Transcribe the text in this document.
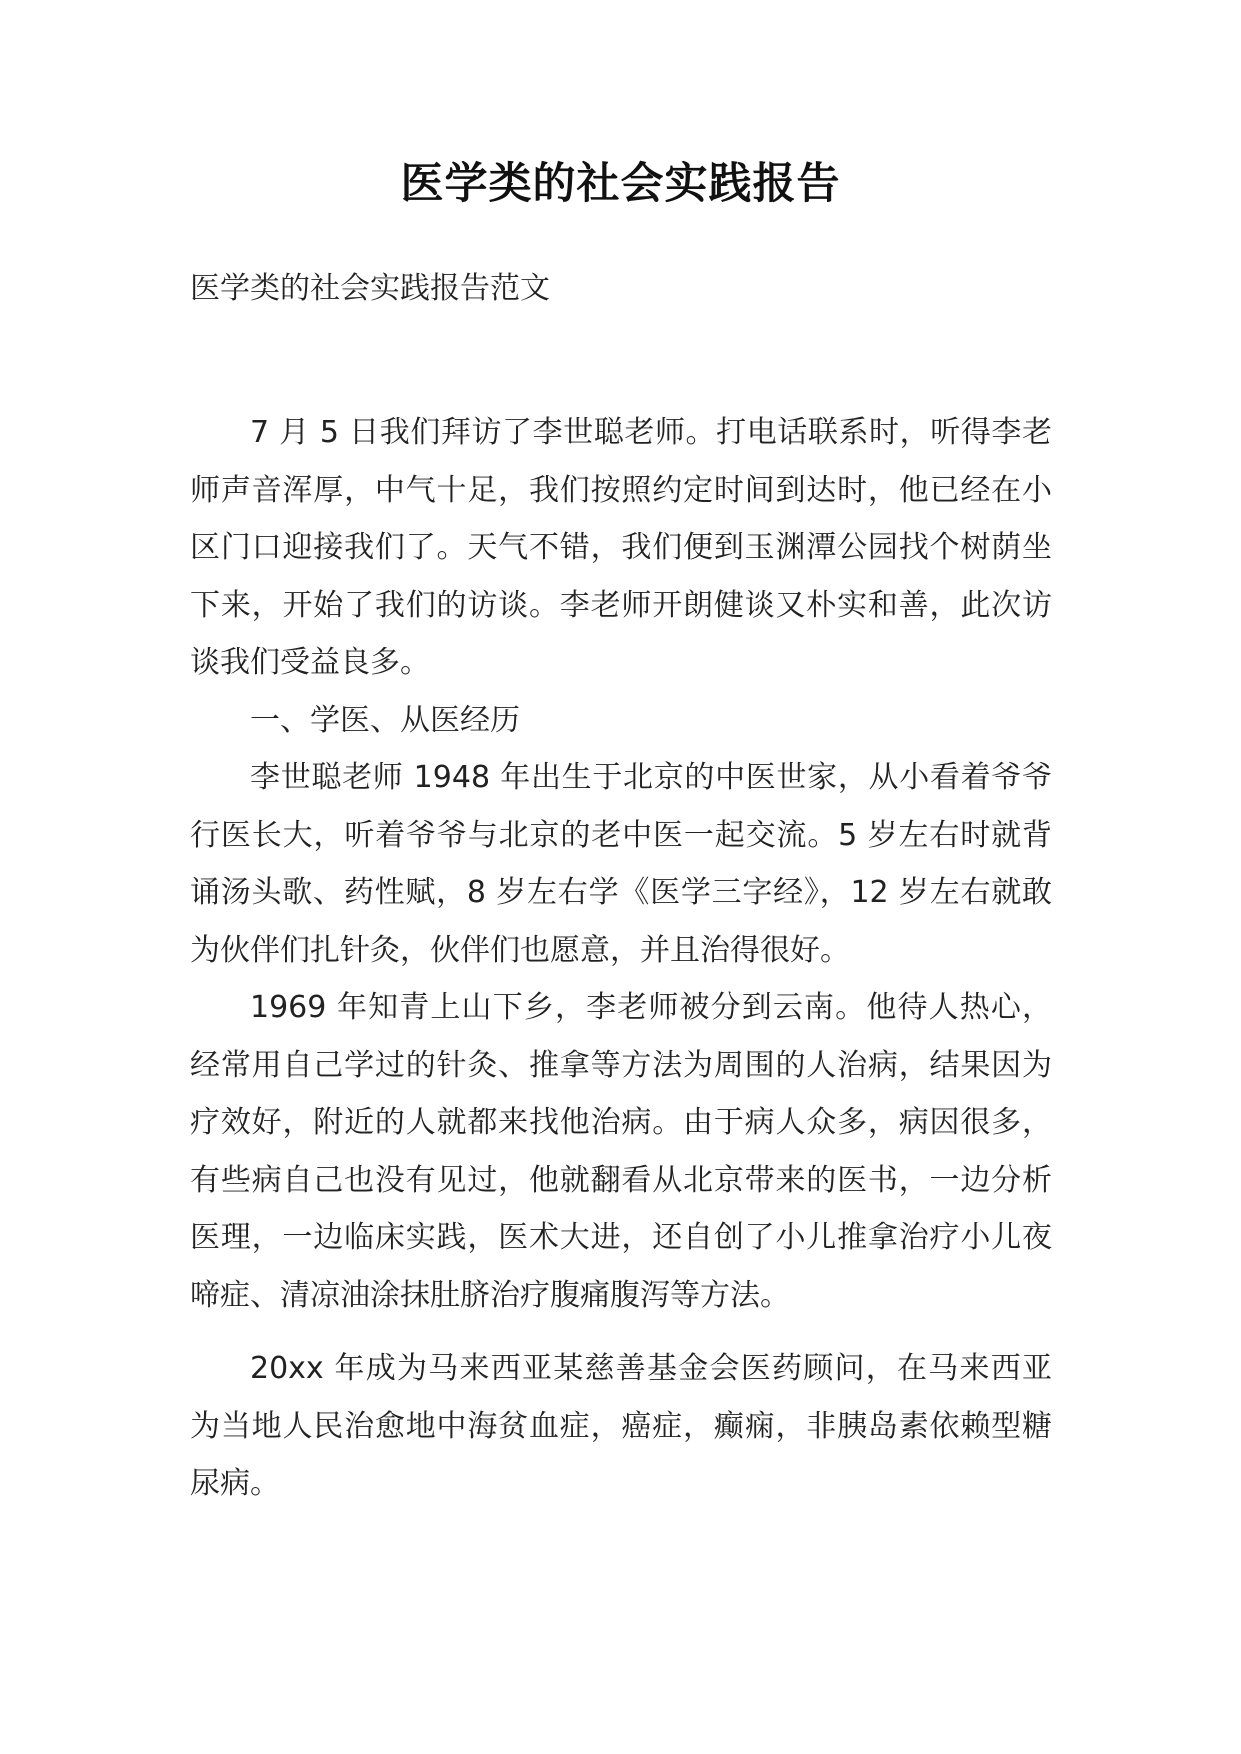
医学类的社会实践报告
医学类的社会实践报告范文

7 月 5 日我们拜访了李世聪老师。打电话联系时，听得李老师声音浑厚，中气十足，我们按照约定时间到达时，他已经在小区门口迎接我们了。天气不错，我们便到玉渊潭公园找个树荫坐下来，开始了我们的访谈。李老师开朗健谈又朴实和善，此次访谈我们受益良多。

一、学医、从医经历

李世聪老师 1948 年出生于北京的中医世家，从小看着爷爷行医长大，听着爷爷与北京的老中医一起交流。5 岁左右时就背诵汤头歌、药性赋，8 岁左右学《医学三字经》，12 岁左右就敢为伙伴们扎针灸，伙伴们也愿意，并且治得很好。

1969 年知青上山下乡，李老师被分到云南。他待人热心，经常用自己学过的针灸、推拿等方法为周围的人治病，结果因为疗效好，附近的人就都来找他治病。由于病人众多，病因很多，有些病自己也没有见过，他就翻看从北京带来的医书，一边分析医理，一边临床实践，医术大进，还自创了小儿推拿治疗小儿夜啼症、清凉油涂抹肚脐治疗腹痛腹泻等方法。

20xx 年成为马来西亚某慈善基金会医药顾问，在马来西亚为当地人民治愈地中海贫血症，癌症，癫痫，非胰岛素依赖型糖尿病。
